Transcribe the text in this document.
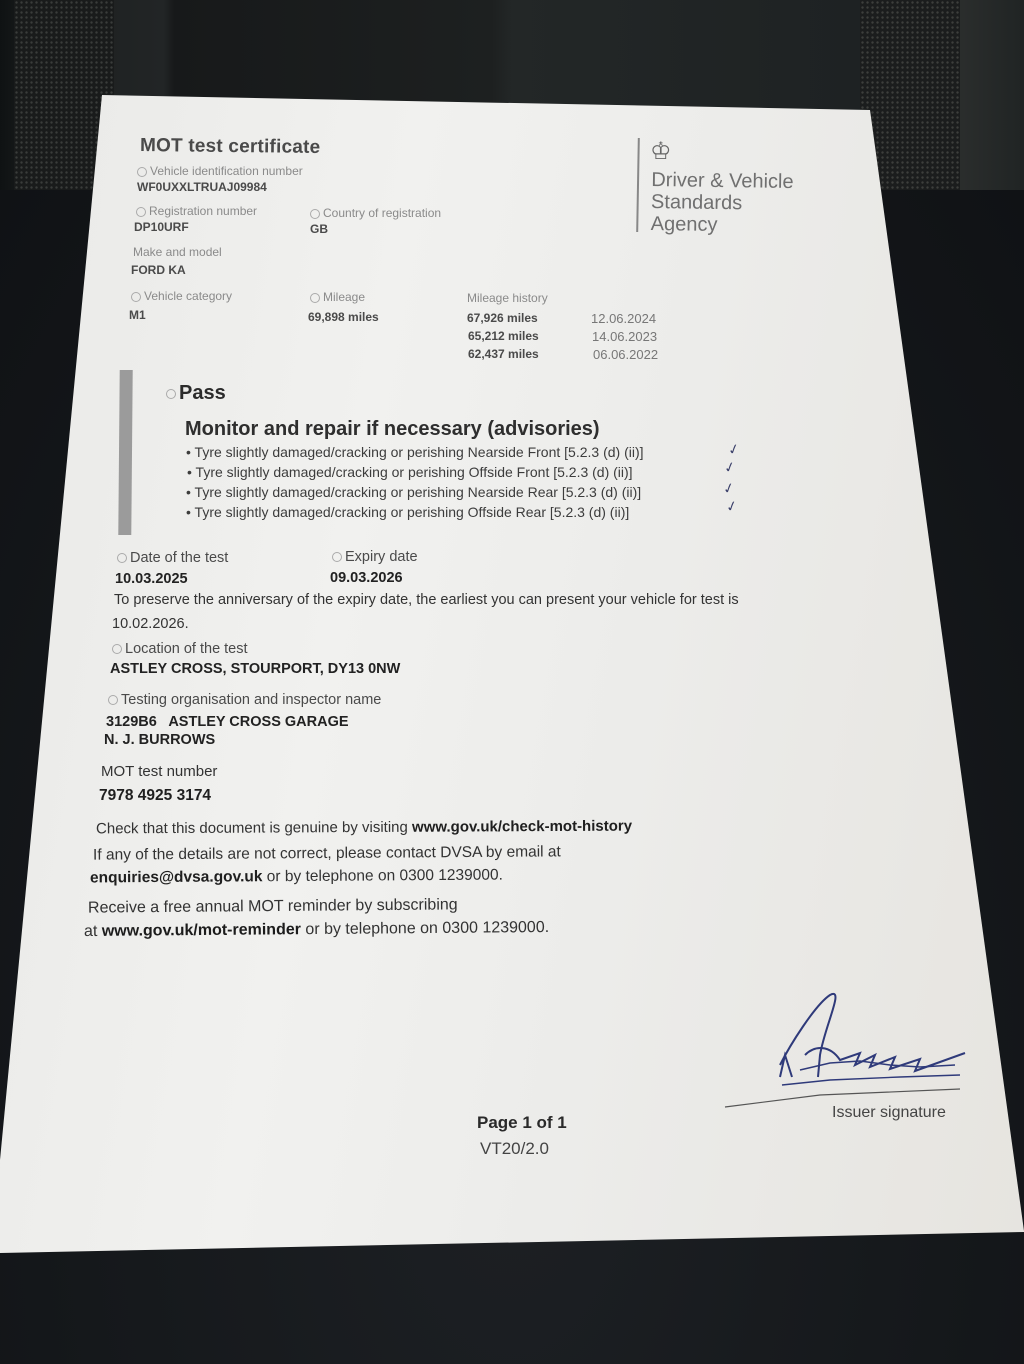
MOT test certificate
Vehicle identification number
WF0UXXLTRUAJ09984
Registration number
DP10URF
Country of registration
GB
Make and model
FORD KA
♔
Driver & Vehicle
Standards
Agency
Vehicle category
M1
Mileage
69,898 miles
Mileage history
67,926 miles	12.06.2024
65,212 miles	14.06.2023
62,437 miles	06.06.2022
Pass
Monitor and repair if necessary (advisories)
• Tyre slightly damaged/cracking or perishing Nearside Front [5.2.3 (d) (ii)]	✓
• Tyre slightly damaged/cracking or perishing Offside Front [5.2.3 (d) (ii)]	✓
• Tyre slightly damaged/cracking or perishing Nearside Rear [5.2.3 (d) (ii)]	✓
• Tyre slightly damaged/cracking or perishing Offside Rear [5.2.3 (d) (ii)]	✓
Date of the test
10.03.2025
Expiry date
09.03.2026
To preserve the anniversary of the expiry date, the earliest you can present your vehicle for test is
10.02.2026.
Location of the test
ASTLEY CROSS, STOURPORT, DY13 0NW
Testing organisation and inspector name
3129B6   ASTLEY CROSS GARAGE
N. J. BURROWS
MOT test number
7978 4925 3174
Check that this document is genuine by visiting www.gov.uk/check-mot-history
If any of the details are not correct, please contact DVSA by email at
enquiries@dvsa.gov.uk or by telephone on 0300 1239000.
Receive a free annual MOT reminder by subscribing
at www.gov.uk/mot-reminder or by telephone on 0300 1239000.
Issuer signature
Page 1 of 1
VT20/2.0
